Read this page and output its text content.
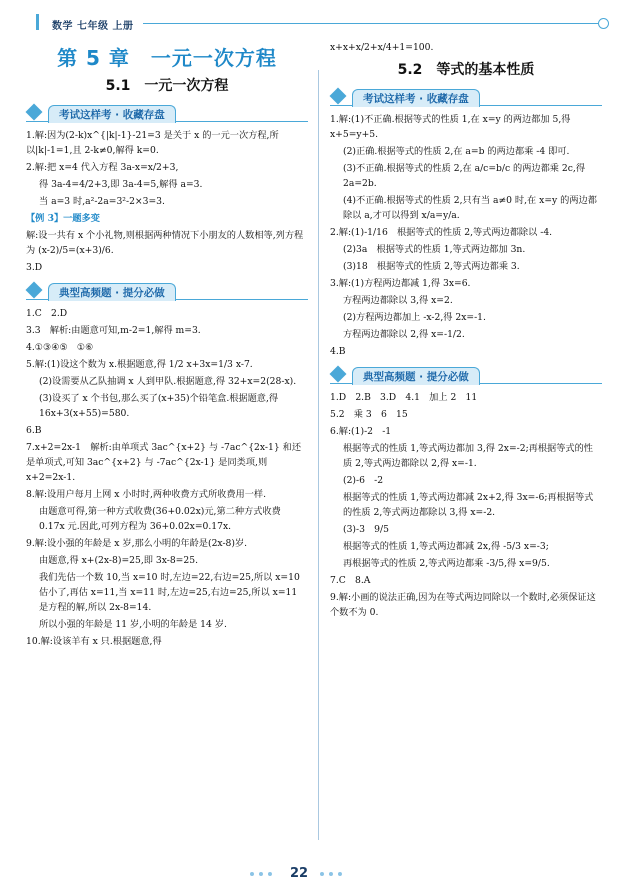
数学 七年级 上册
第 5 章　一元一次方程
5.1　一元一次方程
考试这样考 · 收藏存盘

1.解:因为(2-k)x^{|k|-1}-21=3 是关于 x 的一元一次方程,所以|k|-1=1,且 2-k≠0,解得 k=0.

2.解:把 x=4 代入方程 3a-x=x/2+3,

得 3a-4=4/2+3,即 3a-4=5,解得 a=3.

当 a=3 时,a²-2a=3²-2×3=3.

【例 3】一题多变

解:设一共有 x 个小礼物,则根据两种情况下小朋友的人数相等,列方程为 (x-2)/5=(x+3)/6.

3.D

典型高频题 · 提分必做

1.C　2.D

3.3　解析:由题意可知,m-2=1,解得 m=3.

4.①③④⑤　①⑥

5.解:(1)设这个数为 x.根据题意,得 1/2 x+3x=1/3 x-7.

(2)设需要从乙队抽调 x 人到甲队.根据题意,得 32+x=2(28-x).

(3)设买了 x 个书包,那么买了(x+35)个铅笔盒.根据题意,得 16x+3(x+55)=580.

6.B

7.x+2=2x-1　解析:由单项式 3ac^{x+2} 与 -7ac^{2x-1} 和还是单项式,可知 3ac^{x+2} 与 -7ac^{2x-1} 是同类项,则 x+2=2x-1.

8.解:设用户每月上网 x 小时时,两种收费方式所收费用一样.

由题意可得,第一种方式收费(36+0.02x)元,第二种方式收费 0.17x 元.因此,可列方程为 36+0.02x=0.17x.

9.解:设小强的年龄是 x 岁,那么小明的年龄是(2x-8)岁.

由题意,得 x+(2x-8)=25,即 3x-8=25.

我们先估一个数 10,当 x=10 时,左边=22,右边=25,所以 x=10 估小了,再估 x=11,当 x=11 时,左边=25,右边=25,所以 x=11 是方程的解,所以 2x-8=14.

所以小强的年龄是 11 岁,小明的年龄是 14 岁.

10.解:设该羊有 x 只.根据题意,得

x+x+x/2+x/4+1=100.

5.2　等式的基本性质
考试这样考 · 收藏存盘

1.解:(1)不正确.根据等式的性质 1,在 x=y 的两边都加 5,得 x+5=y+5.

(2)正确.根据等式的性质 2,在 a=b 的两边都乘 -4 即可.

(3)不正确.根据等式的性质 2,在 a/c=b/c 的两边都乘 2c,得 2a=2b.

(4)不正确.根据等式的性质 2,只有当 a≠0 时,在 x=y 的两边都除以 a,才可以得到 x/a=y/a.

2.解:(1)-1/16　根据等式的性质 2,等式两边都除以 -4.

(2)3a　根据等式的性质 1,等式两边都加 3n.

(3)18　根据等式的性质 2,等式两边都乘 3.

3.解:(1)方程两边都减 1,得 3x=6.

方程两边都除以 3,得 x=2.

(2)方程两边都加上 -x-2,得 2x=-1.

方程两边都除以 2,得 x=-1/2.

4.B

典型高频题 · 提分必做

1.D　2.B　3.D　4.1　加上 2　11

5.2　乘 3　6　15

6.解:(1)-2　-1

根据等式的性质 1,等式两边都加 3,得 2x=-2;再根据等式的性质 2,等式两边都除以 2,得 x=-1.

(2)-6　-2

根据等式的性质 1,等式两边都减 2x+2,得 3x=-6;再根据等式的性质 2,等式两边都除以 3,得 x=-2.

(3)-3　9/5

根据等式的性质 1,等式两边都减 2x,得 -5/3 x=-3;

再根据等式的性质 2,等式两边都乘 -3/5,得 x=9/5.

7.C　8.A

9.解:小画的说法正确,因为在等式两边同除以一个数时,必须保证这个数不为 0.

22
